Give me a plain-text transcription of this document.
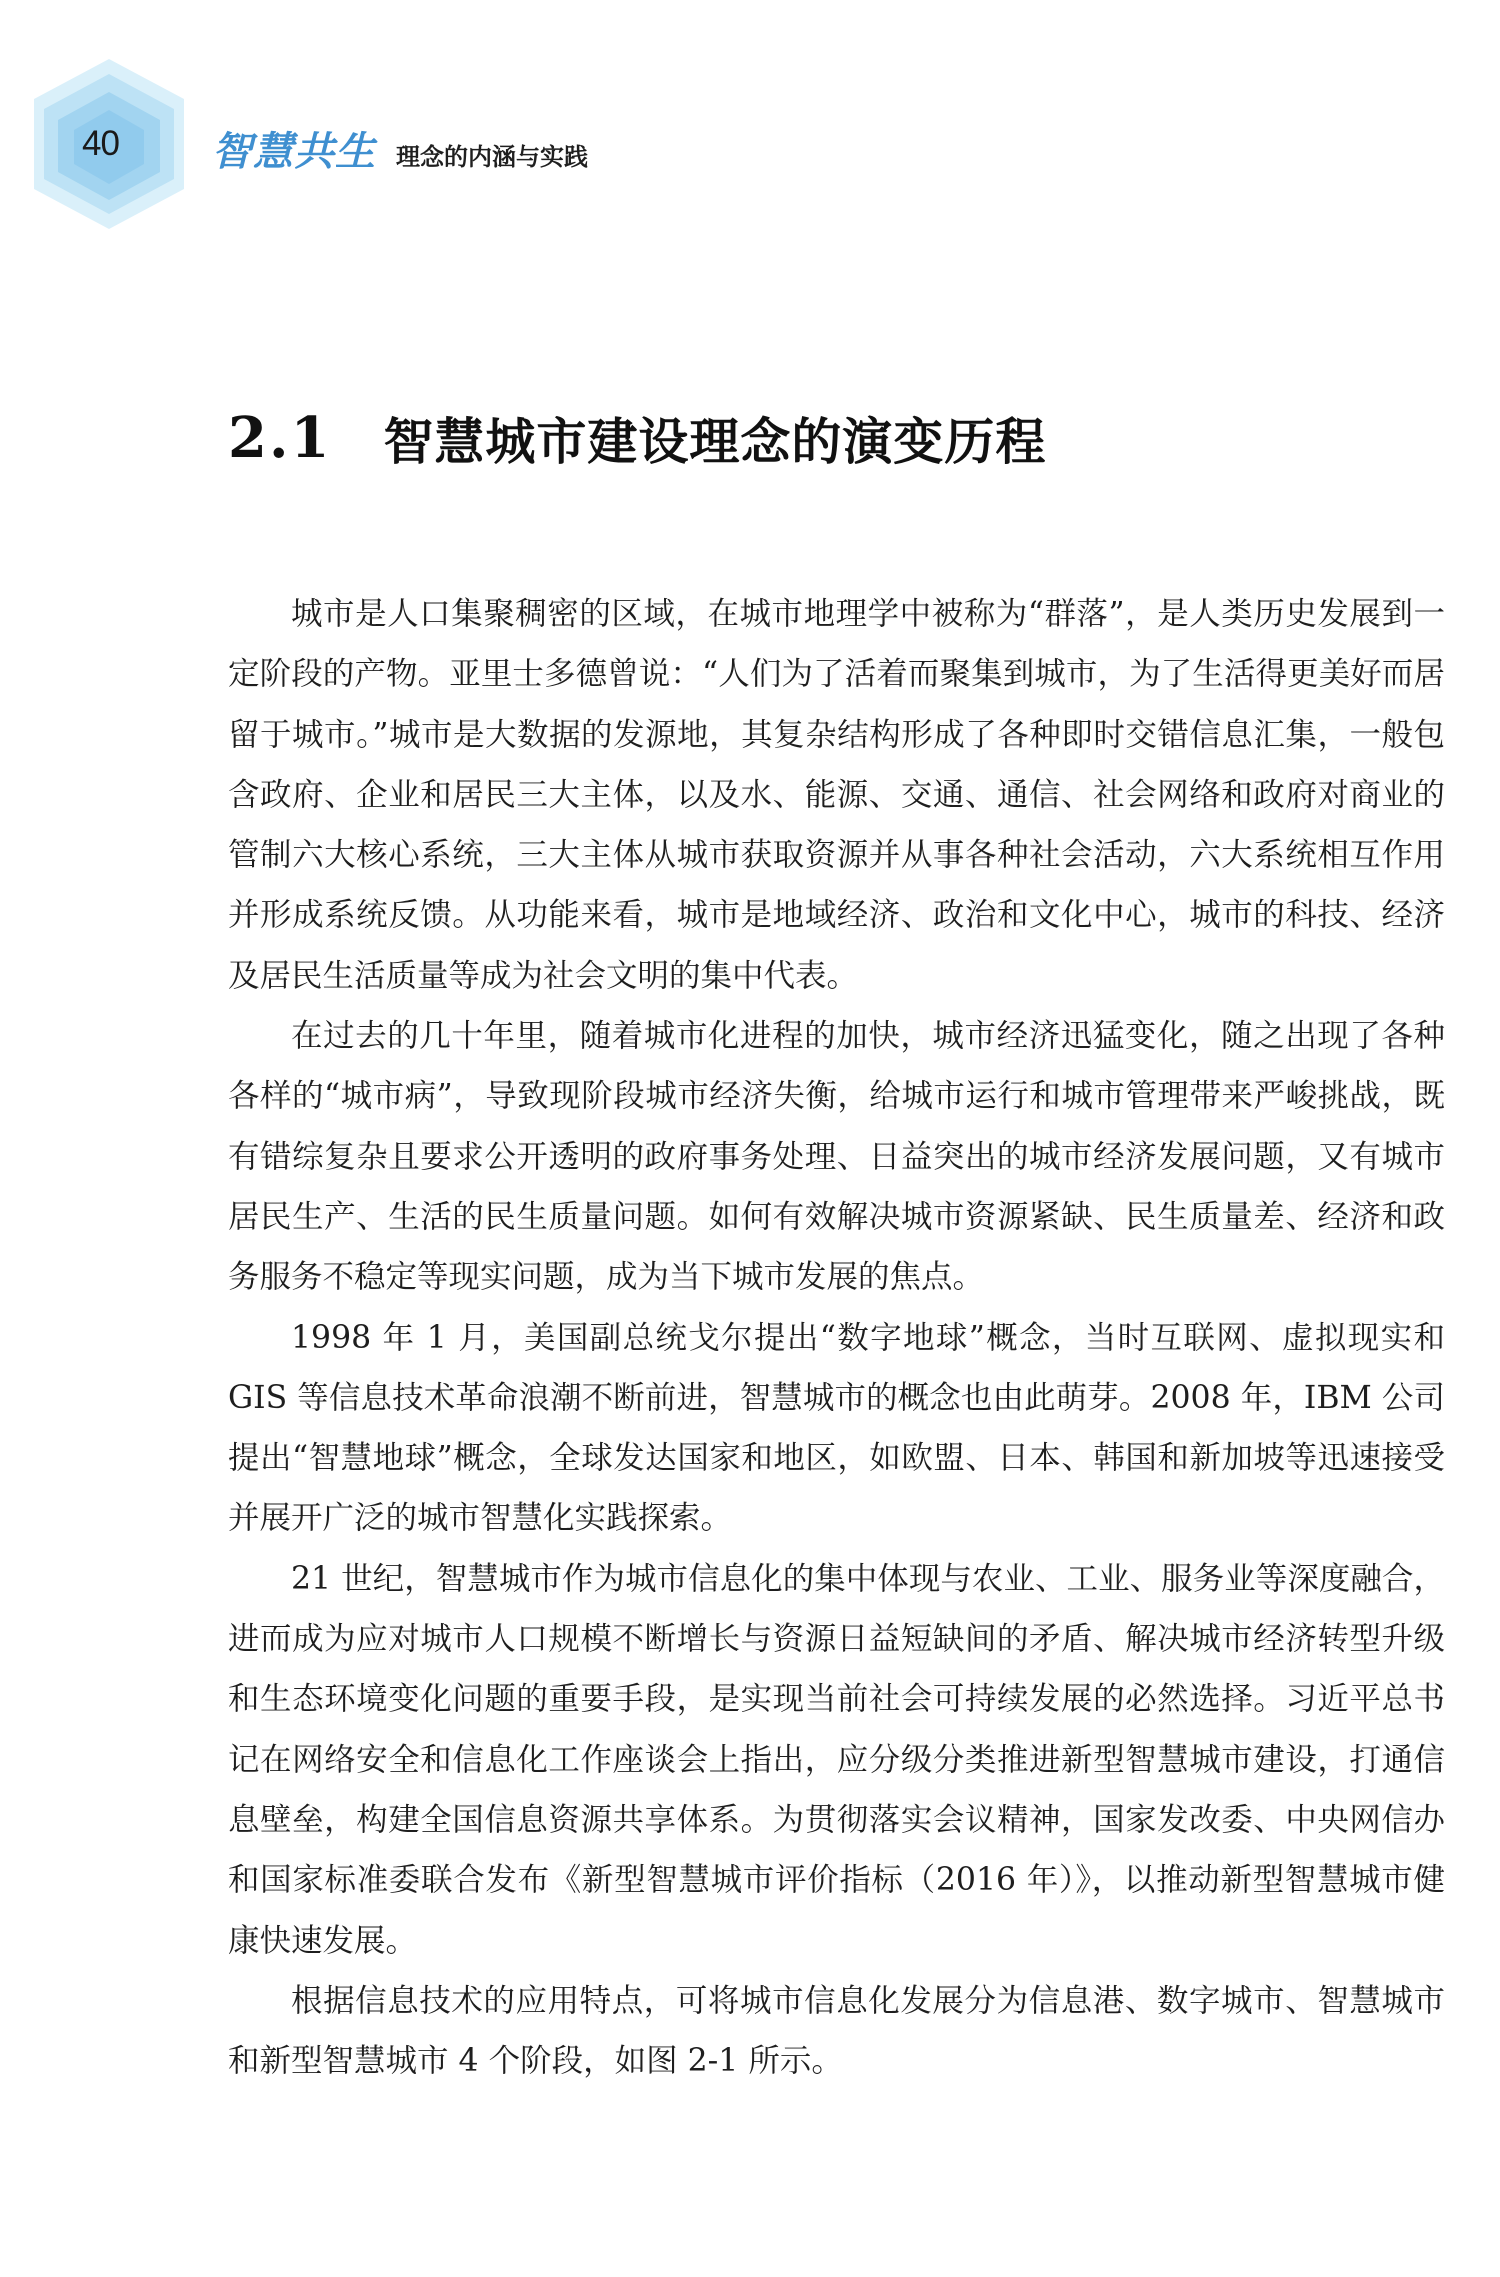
40 智慧共生 理念的内涵与实践
2.1 智慧城市建设理念的演变历程

城市是人口集聚稠密的区域，在城市地理学中被称为“群落”，是人类历史发展到一定阶段的产物。亚里士多德曾说：“人们为了活着而聚集到城市，为了生活得更美好而居留于城市。”城市是大数据的发源地，其复杂结构形成了各种即时交错信息汇集，一般包含政府、企业和居民三大主体，以及水、能源、交通、通信、社会网络和政府对商业的管制六大核心系统，三大主体从城市获取资源并从事各种社会活动，六大系统相互作用并形成系统反馈。从功能来看，城市是地域经济、政治和文化中心，城市的科技、经济及居民生活质量等成为社会文明的集中代表。

在过去的几十年里，随着城市化进程的加快，城市经济迅猛变化，随之出现了各种各样的“城市病”，导致现阶段城市经济失衡，给城市运行和城市管理带来严峻挑战，既有错综复杂且要求公开透明的政府事务处理、日益突出的城市经济发展问题，又有城市居民生产、生活的民生质量问题。如何有效解决城市资源紧缺、民生质量差、经济和政务服务不稳定等现实问题，成为当下城市发展的焦点。

1998 年 1 月，美国副总统戈尔提出“数字地球”概念，当时互联网、虚拟现实和 GIS 等信息技术革命浪潮不断前进，智慧城市的概念也由此萌芽。2008 年，IBM 公司提出“智慧地球”概念，全球发达国家和地区，如欧盟、日本、韩国和新加坡等迅速接受并展开广泛的城市智慧化实践探索。

21 世纪，智慧城市作为城市信息化的集中体现与农业、工业、服务业等深度融合，进而成为应对城市人口规模不断增长与资源日益短缺间的矛盾、解决城市经济转型升级和生态环境变化问题的重要手段，是实现当前社会可持续发展的必然选择。习近平总书记在网络安全和信息化工作座谈会上指出，应分级分类推进新型智慧城市建设，打通信息壁垒，构建全国信息资源共享体系。为贯彻落实会议精神，国家发改委、中央网信办和国家标准委联合发布《新型智慧城市评价指标（2016 年）》，以推动新型智慧城市健康快速发展。

根据信息技术的应用特点，可将城市信息化发展分为信息港、数字城市、智慧城市和新型智慧城市 4 个阶段，如图 2-1 所示。
